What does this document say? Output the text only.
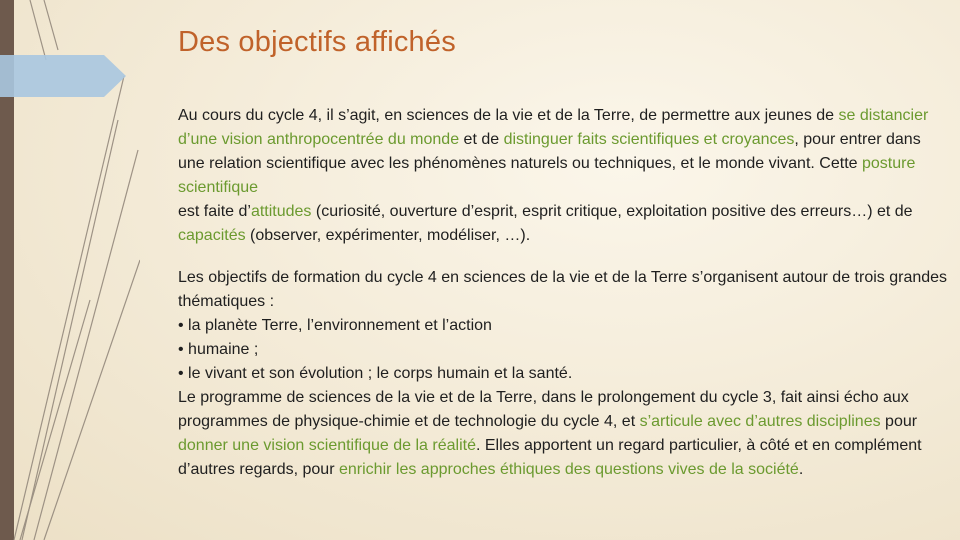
Des objectifs affichés

Au cours du cycle 4, il s’agit, en sciences de la vie et de la Terre, de permettre aux jeunes de se distancier d’une vision anthropocentrée du monde et de distinguer faits scientifiques et croyances, pour entrer dans une relation scientifique avec les phénomènes naturels ou techniques, et le monde vivant. Cette posture scientifique
est faite d’attitudes (curiosité, ouverture d’esprit, esprit critique, exploitation positive des erreurs…) et de capacités (observer, expérimenter, modéliser, …).

Les objectifs de formation du cycle 4 en sciences de la vie et de la Terre s’organisent autour de trois grandes thématiques :
• la planète Terre, l’environnement et l’action
• humaine ;
• le vivant et son évolution ; le corps humain et la santé.
Le programme de sciences de la vie et de la Terre, dans le prolongement du cycle 3, fait ainsi écho aux programmes de physique-chimie et de technologie du cycle 4, et s’articule avec d’autres disciplines pour donner une vision scientifique de la réalité. Elles apportent un regard particulier, à côté et en complément d’autres regards, pour enrichir les approches éthiques des questions vives de la société.
